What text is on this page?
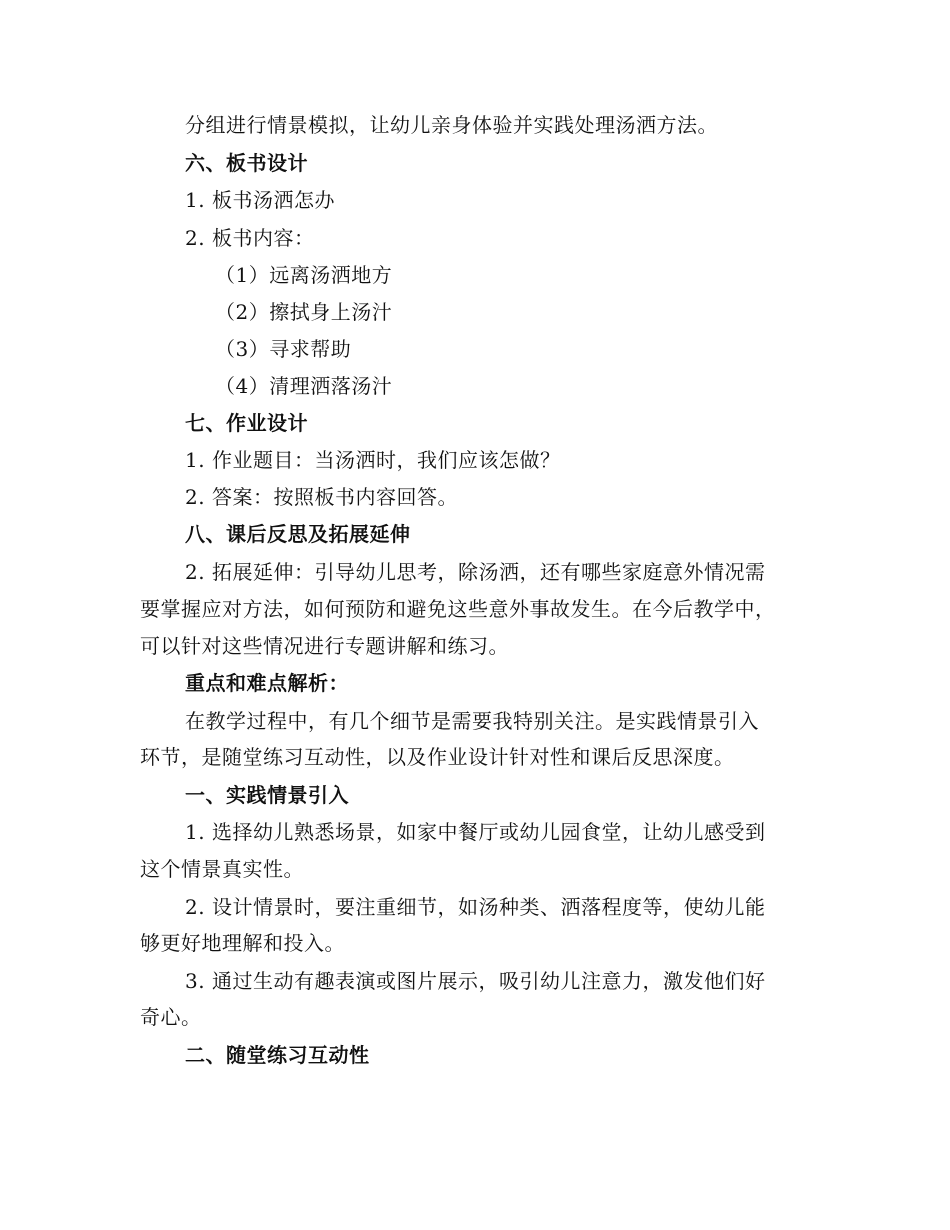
分组进行情景模拟，让幼儿亲身体验并实践处理汤洒方法。
六、板书设计
1. 板书汤洒怎办
2. 板书内容：
（1）远离汤洒地方
（2）擦拭身上汤汁
（3）寻求帮助
（4）清理洒落汤汁
七、作业设计
1. 作业题目：当汤洒时，我们应该怎做？
2. 答案：按照板书内容回答。
八、课后反思及拓展延伸
2. 拓展延伸：引导幼儿思考，除汤洒，还有哪些家庭意外情况需
要掌握应对方法，如何预防和避免这些意外事故发生。在今后教学中，
可以针对这些情况进行专题讲解和练习。
重点和难点解析：
在教学过程中，有几个细节是需要我特别关注。是实践情景引入
环节，是随堂练习互动性，以及作业设计针对性和课后反思深度。
一、实践情景引入
1. 选择幼儿熟悉场景，如家中餐厅或幼儿园食堂，让幼儿感受到
这个情景真实性。
2. 设计情景时，要注重细节，如汤种类、洒落程度等，使幼儿能
够更好地理解和投入。
3. 通过生动有趣表演或图片展示，吸引幼儿注意力，激发他们好
奇心。
二、随堂练习互动性
